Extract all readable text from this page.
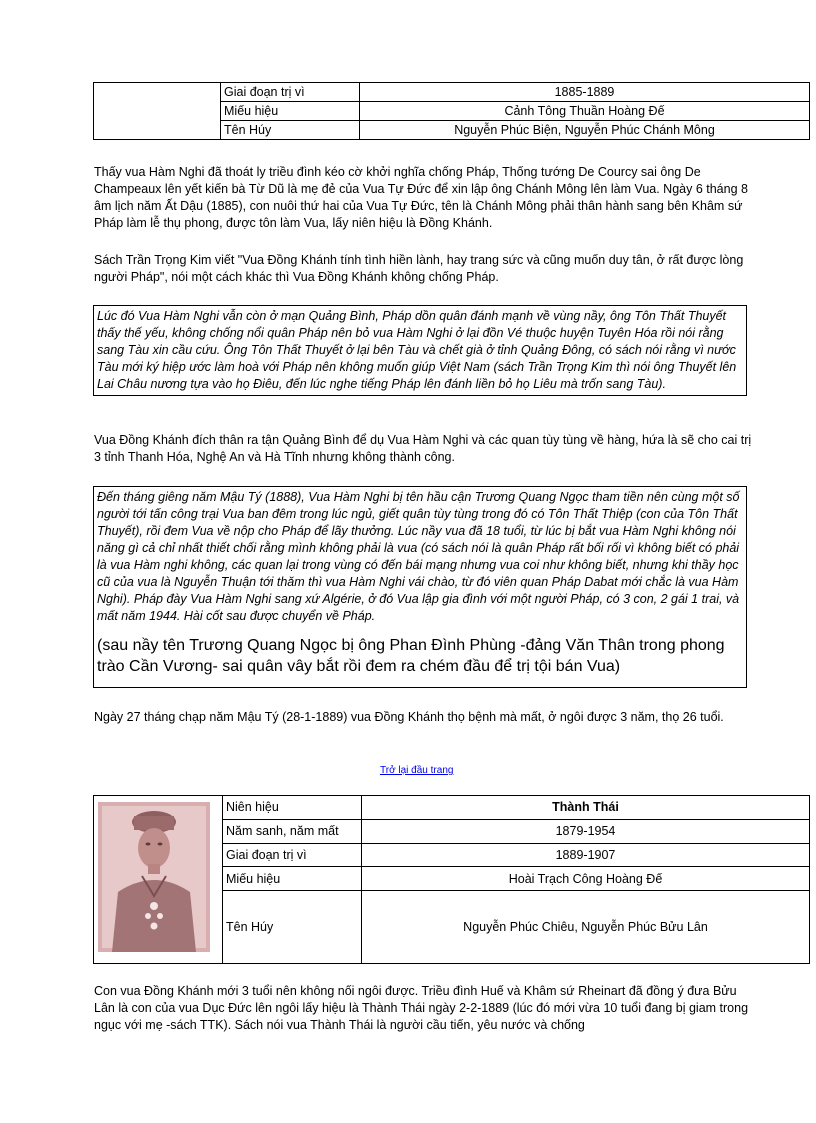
	Giai đoạn trị vì	1885-1889
	Miếu hiệu	Cảnh Tông Thuần Hoàng Đế
	Tên Húy	Nguyễn Phúc Biện, Nguyễn Phúc Chánh Mông
Thấy vua Hàm Nghi đã thoát ly triều đình kéo cờ khởi nghĩa chống Pháp, Thống tướng De Courcy sai ông De Champeaux lên yết kiến bà Từ Dũ là mẹ đẻ của Vua Tự Đức để xin lập ông Chánh Mông lên làm Vua. Ngày 6 tháng 8 âm lịch năm Ất Dậu (1885), con nuôi thứ hai của Vua Tự Đức, tên là Chánh Mông phải thân hành sang bên Khâm sứ Pháp làm lễ thụ phong, được tôn làm Vua, lấy niên hiệu là Đồng Khánh.
Sách Trần Trọng Kim viết "Vua Đồng Khánh tính tình hiền lành, hay trang sức và cũng muốn duy tân, ở rất được lòng người Pháp", nói một cách khác thì Vua Đồng Khánh không chống Pháp.
Lúc đó Vua Hàm Nghi vẫn còn ở mạn Quảng Bình, Pháp dồn quân đánh mạnh về vùng nầy, ông Tôn Thất Thuyết thấy thế yếu, không chống nổi quân Pháp nên bỏ vua Hàm Nghi ở lại đồn Vé thuộc huyện Tuyên Hóa rồi nói rằng sang Tàu xin cầu cứu. Ông Tôn Thất Thuyết ở lại bên Tàu và chết già ở tỉnh Quảng Đông, có sách nói rằng vì nước Tàu mới ký hiệp ước làm hoà với Pháp nên không muốn giúp Việt Nam (sách Trần Trọng Kim thì nói ông Thuyết lên Lai Châu nương tựa vào họ Điêu, đến lúc nghe tiếng Pháp lên đánh liền bỏ họ Liêu mà trốn sang Tàu).
Vua Đồng Khánh đích thân ra tận Quảng Bình để dụ Vua Hàm Nghi và các quan tùy tùng về hàng, hứa là sẽ cho cai trị 3 tỉnh Thanh Hóa, Nghệ An và Hà Tĩnh nhưng không thành công.
Đến tháng giêng năm Mậu Tý (1888), Vua Hàm Nghi bị tên hầu cận Trương Quang Ngọc tham tiền nên cùng một số người tới tấn công trại Vua ban đêm trong lúc ngủ, giết quân tùy tùng trong đó có Tôn Thất Thiệp (con của Tôn Thất Thuyết), rồi đem Vua về nộp cho Pháp để lãy thưởng. Lúc nầy vua đã 18 tuổi, từ lúc bị bắt vua Hàm Nghi không nói năng gì cả chỉ nhất thiết chối rằng mình không phải là vua (có sách nói là quân Pháp rất bối rối vì không biết có phải là vua Hàm nghi không, các quan lại trong vùng có đến bái mạng nhưng vua coi như không biết, nhưng khi thầy học cũ của vua là Nguyễn Thuận tới thăm thì vua Hàm Nghi vái chào, từ đó viên quan Pháp Dabat mới chắc là vua Hàm Nghi). Pháp đày Vua Hàm Nghi sang xứ Algérie, ở đó Vua lập gia đình với một người Pháp, có 3 con, 2 gái 1 trai, và mất năm 1944. Hài cốt sau được chuyển về Pháp.
(sau nầy tên Trương Quang Ngọc bị ông Phan Đình Phùng -đảng Văn Thân trong phong trào Cần Vương- sai quân vây bắt rồi đem ra chém đầu để trị tội bán Vua)
Ngày 27 tháng chạp năm Mậu Tý (28-1-1889) vua Đồng Khánh thọ bệnh mà mất, ở ngôi được 3 năm, thọ 26 tuổi.
Trở lại đầu trang
	Niên hiệu	Thành Thái
	Năm sanh, năm mất	1879-1954
	Giai đoạn trị vì	1889-1907
	Miếu hiệu	Hoài Trạch Công Hoàng Đế
	Tên Húy	Nguyễn Phúc Chiêu, Nguyễn Phúc Bửu Lân
Con vua Đồng Khánh mới 3 tuổi nên không nối ngôi được. Triều đình Huế và Khâm sứ Rheinart đã đồng ý đưa Bửu Lân là con của vua Dục Đức lên ngôi lấy hiệu là Thành Thái ngày 2-2-1889 (lúc đó mới vừa 10 tuổi đang bị giam trong ngục với mẹ -sách TTK). Sách nói vua Thành Thái là người cầu tiến, yêu nước và chống
